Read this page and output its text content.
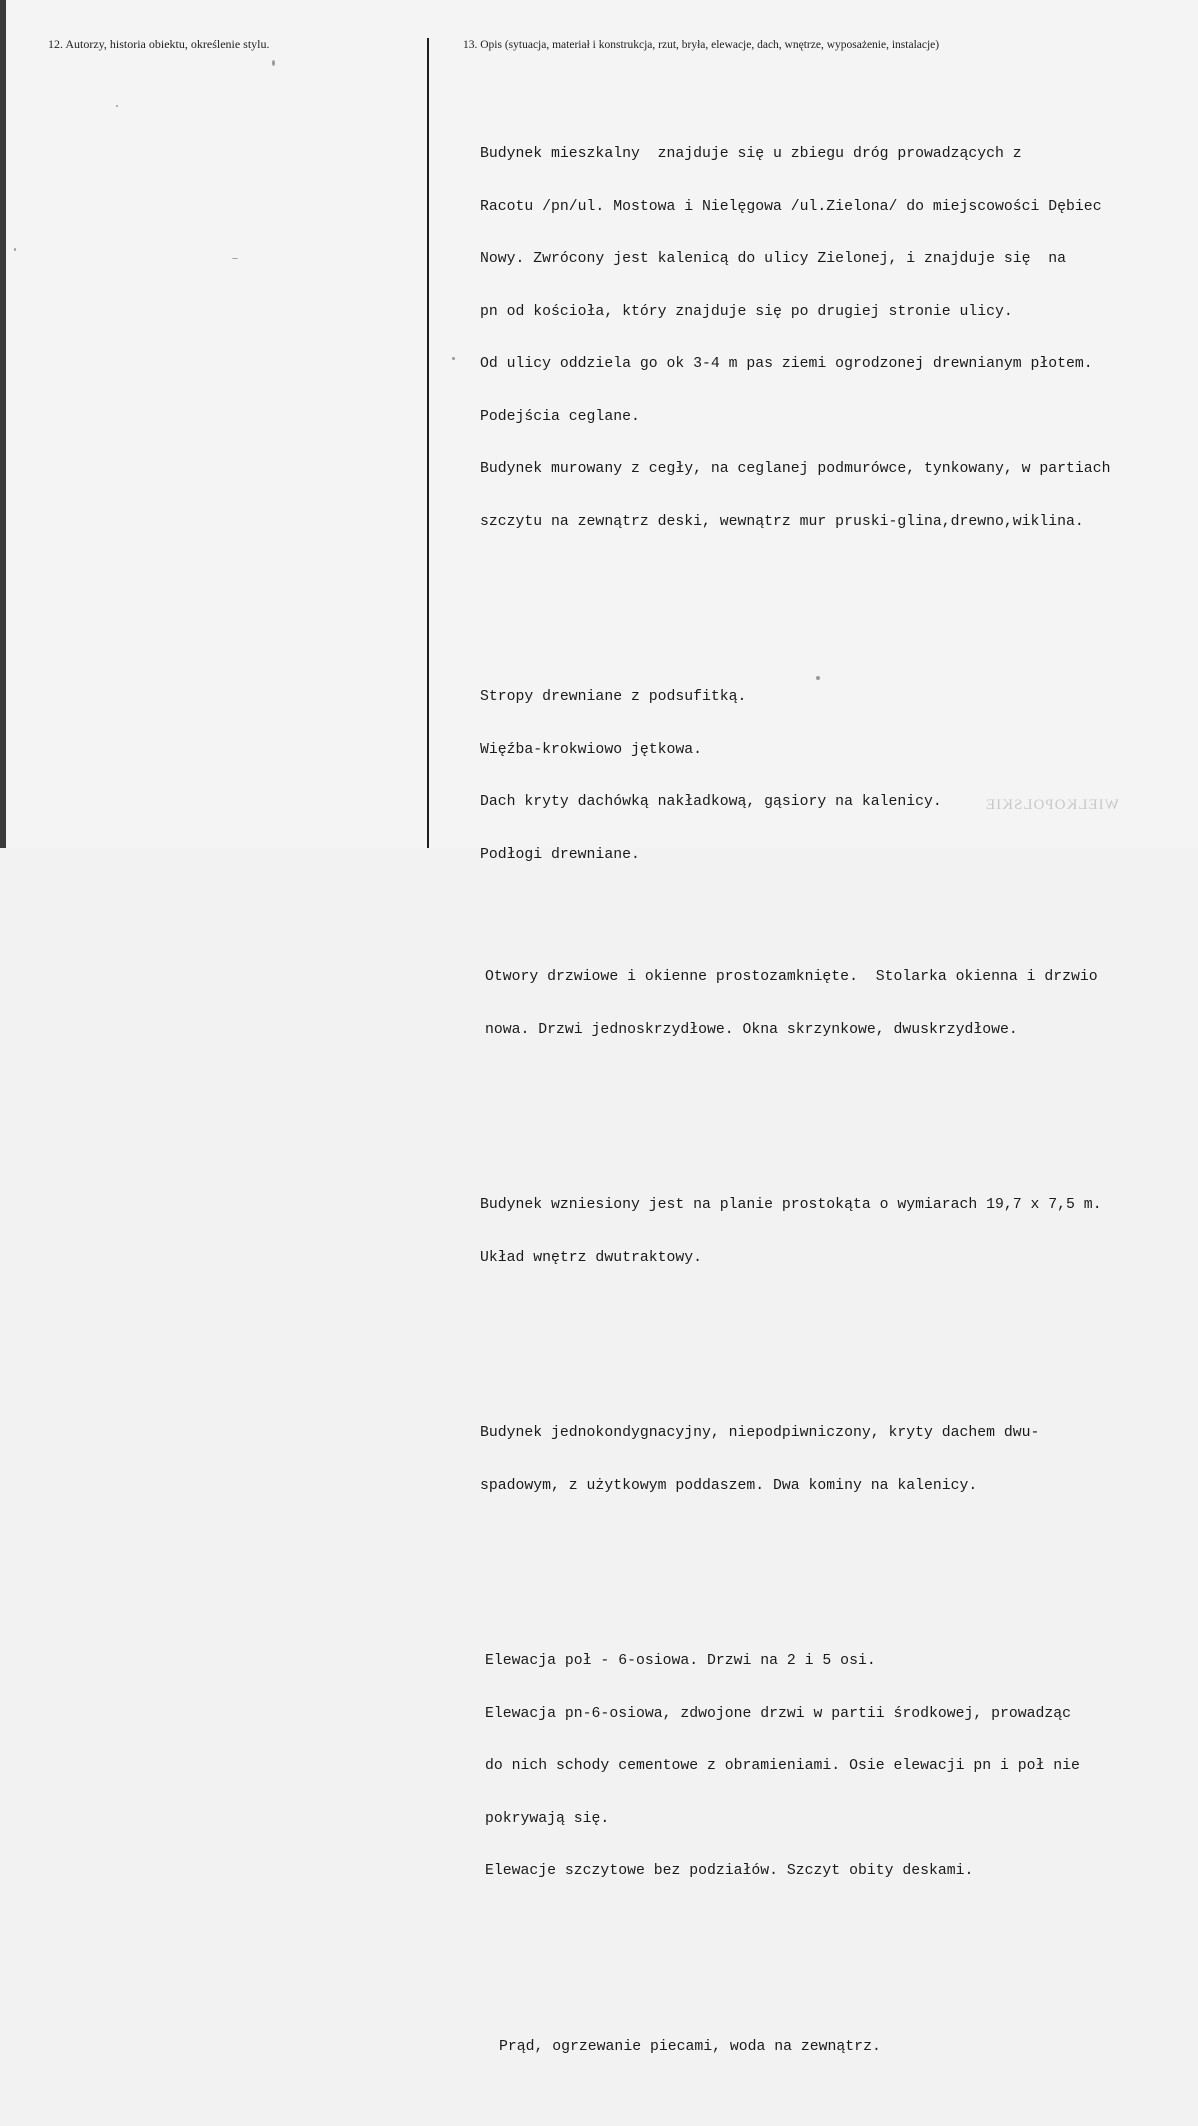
12. Autorzy, historia obiektu, określenie stylu.	13. Opis (sytuacja, materiał i konstrukcja, rzut, bryła, elewacje, dach, wnętrze, wyposażenie, instalacje)

Budynek mieszkalny  znajduje się u zbiegu dróg prowadzących z

Racotu /pn/ul. Mostowa i Nielęgowa /ul.Zielona/ do miejscowości Dębiec

Nowy. Zwrócony jest kalenicą do ulicy Zielonej, i znajduje się  na

pn od kościoła, który znajduje się po drugiej stronie ulicy.

Od ulicy oddziela go ok 3-4 m pas ziemi ogrodzonej drewnianym płotem.

Podejścia ceglane.

Budynek murowany z cegły, na ceglanej podmurówce, tynkowany, w partiach

szczytu na zewnątrz deski, wewnątrz mur pruski-glina,drewno,wiklina.

Stropy drewniane z podsufitką.

Więźba-krokwiowo jętkowa.

Dach kryty dachówką nakładkową, gąsiory na kalenicy.

Podłogi drewniane.

Otwory drzwiowe i okienne prostozamknięte.  Stolarka okienna i drzwio

nowa. Drzwi jednoskrzydłowe. Okna skrzynkowe, dwuskrzydłowe.

Budynek wzniesiony jest na planie prostokąta o wymiarach 19,7 x 7,5 m.

Układ wnętrz dwutraktowy.

Budynek jednokondygnacyjny, niepodpiwniczony, kryty dachem dwu-

spadowym, z użytkowym poddaszem. Dwa kominy na kalenicy.

Elewacja poł - 6-osiowa. Drzwi na 2 i 5 osi.

Elewacja pn-6-osiowa, zdwojone drzwi w partii środkowej, prowadząc

do nich schody cementowe z obramieniami. Osie elewacji pn i poł nie

pokrywają się.

Elewacje szczytowe bez podziałów. Szczyt obity deskami.

Prąd, ogrzewanie piecami, woda na zewnątrz.

WIELKOPOLSKIE
